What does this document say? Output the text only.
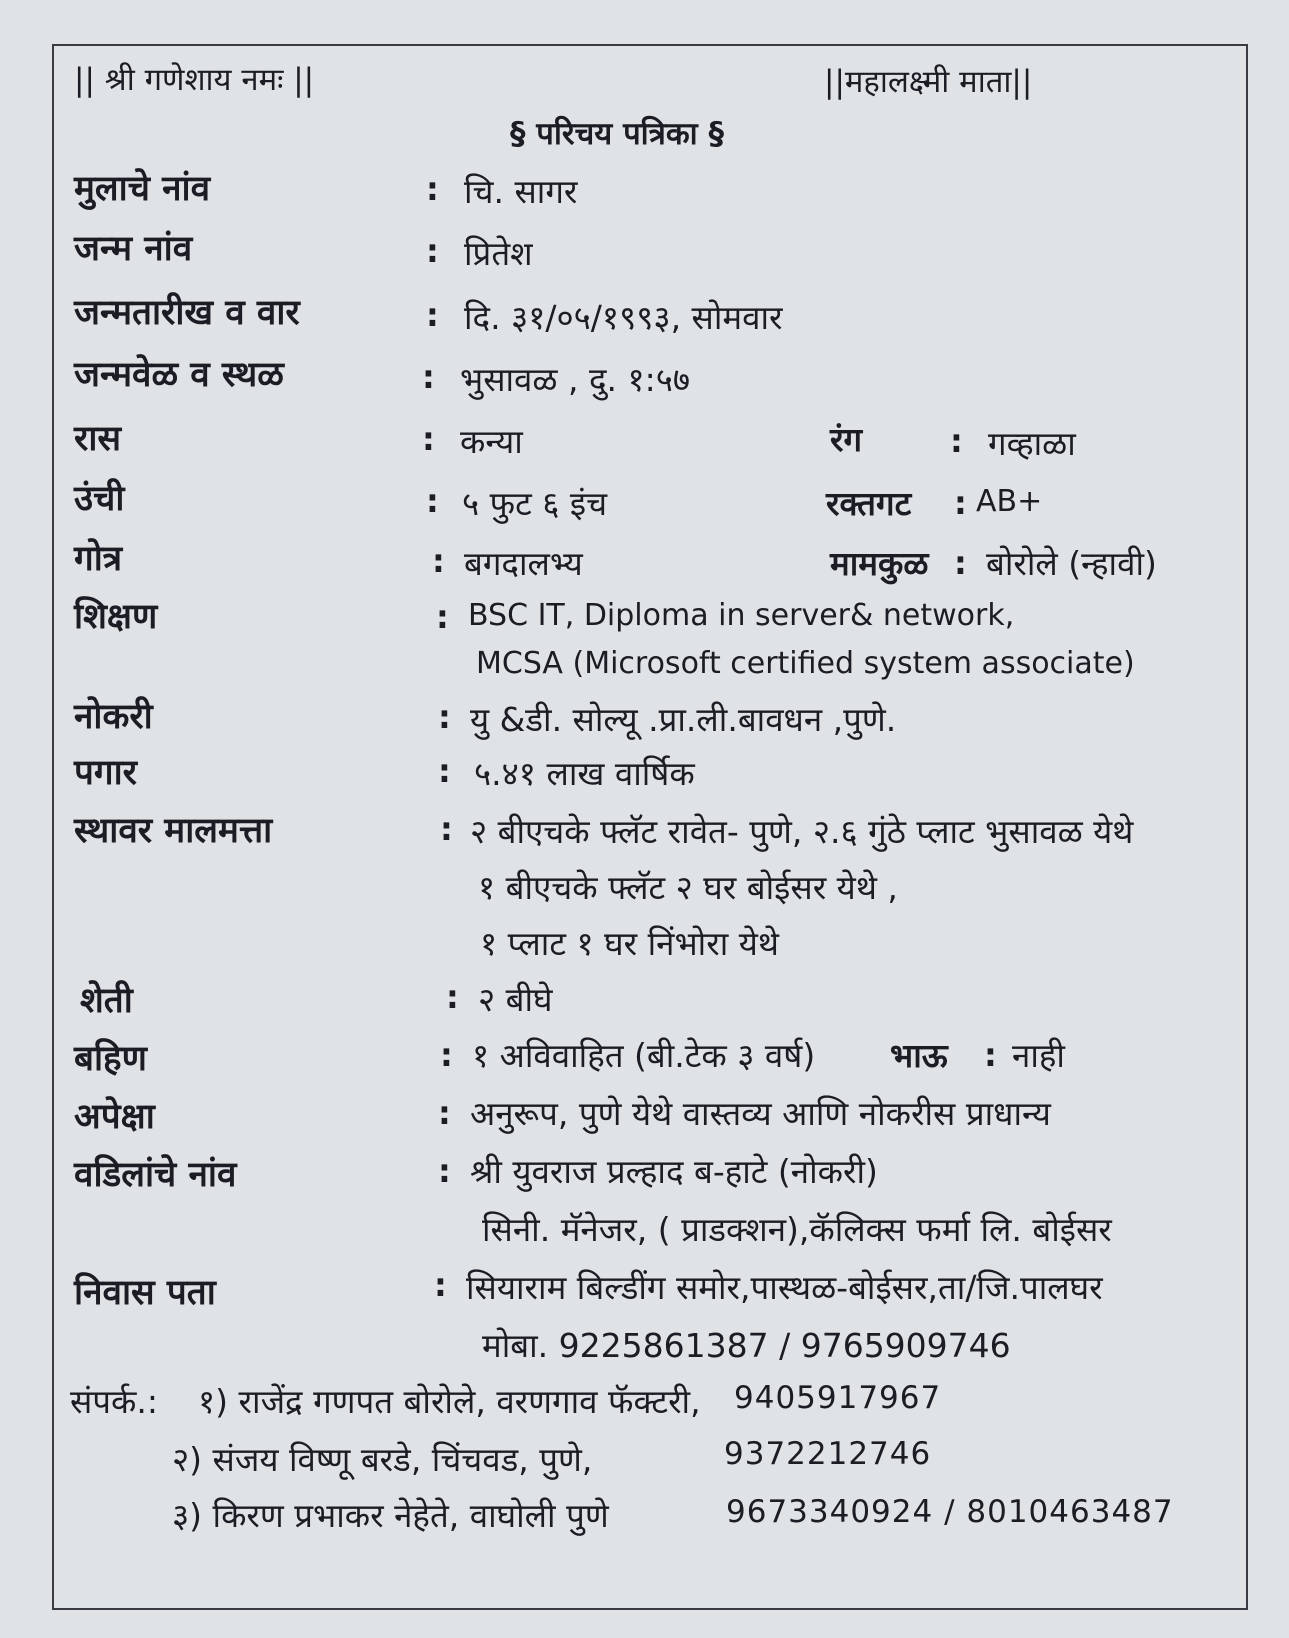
|| श्री गणेशाय नमः ||	||महालक्ष्मी माता||
§ परिचय पत्रिका §
मुलाचे नांव	: चि. सागर
जन्म नांव	: प्रितेश
जन्मतारीख व वार	: दि. ३१/०५/१९९३, सोमवार
जन्मवेळ व स्थळ	: भुसावळ , दु. १:५७
रास	: कन्या	रंग	: गव्हाळा
उंची	: ५ फुट ६ इंच	रक्तगट : AB+
गोत्र	: बगदालभ्य	मामकुळ : बोरोले (न्हावी)
शिक्षण	: BSC IT, Diploma in server& network,
MCSA (Microsoft certified system associate)
नोकरी	: यु &डी. सोल्यू .प्रा.ली.बावधन ,पुणे.
पगार	: ५.४१ लाख वार्षिक
स्थावर मालमत्ता	: २ बीएचके फ्लॅट रावेत- पुणे, २.६ गुंठे प्लाट भुसावळ येथे
१ बीएचके फ्लॅट २ घर बोईसर येथे ,
१ प्लाट १ घर निंभोरा येथे
शेती	: २ बीघे
बहिण	: १ अविवाहित (बी.टेक ३ वर्ष) भाऊ : नाही
अपेक्षा	: अनुरूप, पुणे येथे वास्तव्य आणि नोकरीस प्राधान्य
वडिलांचे नांव	: श्री युवराज प्रल्हाद ब-हाटे (नोकरी)
सिनी. मॅनेजर, ( प्राडक्शन),कॅलिक्स फर्मा लि. बोईसर
निवास पता	: सियाराम बिल्डींग समोर,पास्थळ-बोईसर,ता/जि.पालघर
मोबा. 9225861387 / 9765909746
संपर्क.: १) राजेंद्र गणपत बोरोले, वरणगाव फॅक्टरी, 9405917967
२) संजय विष्णू बरडे, चिंचवड, पुणे,	9372212746
३) किरण प्रभाकर नेहेते, वाघोली पुणे	9673340924 / 8010463487
